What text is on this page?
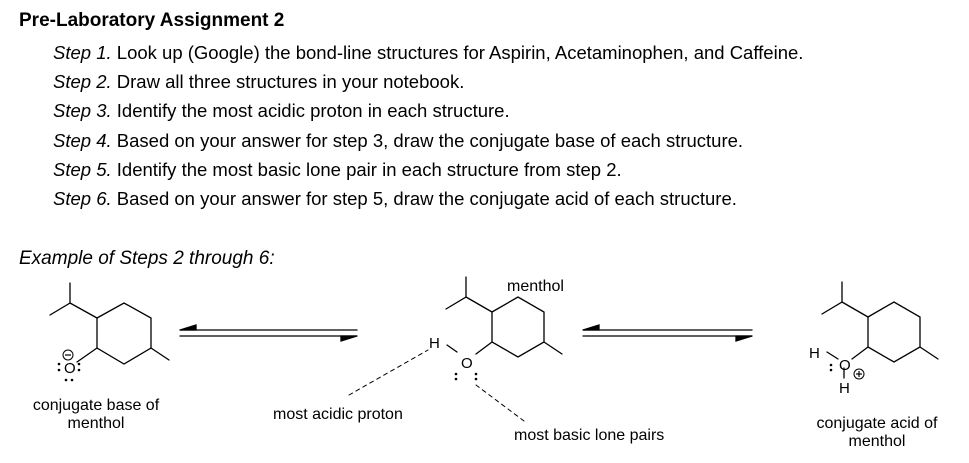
Pre-Laboratory Assignment 2
Step 1. Look up (Google) the bond-line structures for Aspirin, Acetaminophen, and Caffeine.
Step 2. Draw all three structures in your notebook.
Step 3. Identify the most acidic proton in each structure.
Step 4. Based on your answer for step 3, draw the conjugate base of each structure.
Step 5. Identify the most basic lone pair in each structure from step 2.
Step 6. Based on your answer for step 5, draw the conjugate acid of each structure.
Example of Steps 2 through 6:
O
H
O
H
O
H
conjugate base of
menthol
menthol
most acidic proton
most basic lone pairs
conjugate acid of
menthol
